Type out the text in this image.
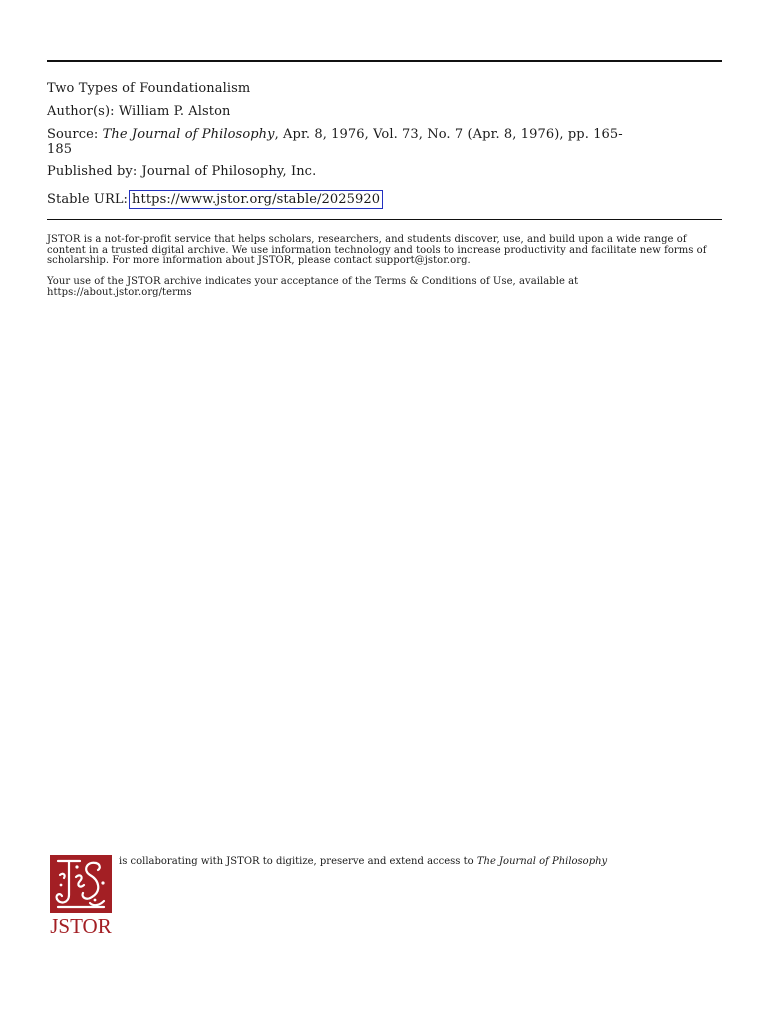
Two Types of Foundationalism
Author(s): William P. Alston
Source: The Journal of Philosophy, Apr. 8, 1976, Vol. 73, No. 7 (Apr. 8, 1976), pp. 165-
185
Published by: Journal of Philosophy, Inc.
Stable URL: https://www.jstor.org/stable/2025920
JSTOR is a not-for-profit service that helps scholars, researchers, and students discover, use, and build upon a wide range of content in a trusted digital archive. We use information technology and tools to increase productivity and facilitate new forms of scholarship. For more information about JSTOR, please contact support@jstor.org.
Your use of the JSTOR archive indicates your acceptance of the Terms & Conditions of Use, available at https://about.jstor.org/terms
JSTOR
is collaborating with JSTOR to digitize, preserve and extend access to The Journal of Philosophy
